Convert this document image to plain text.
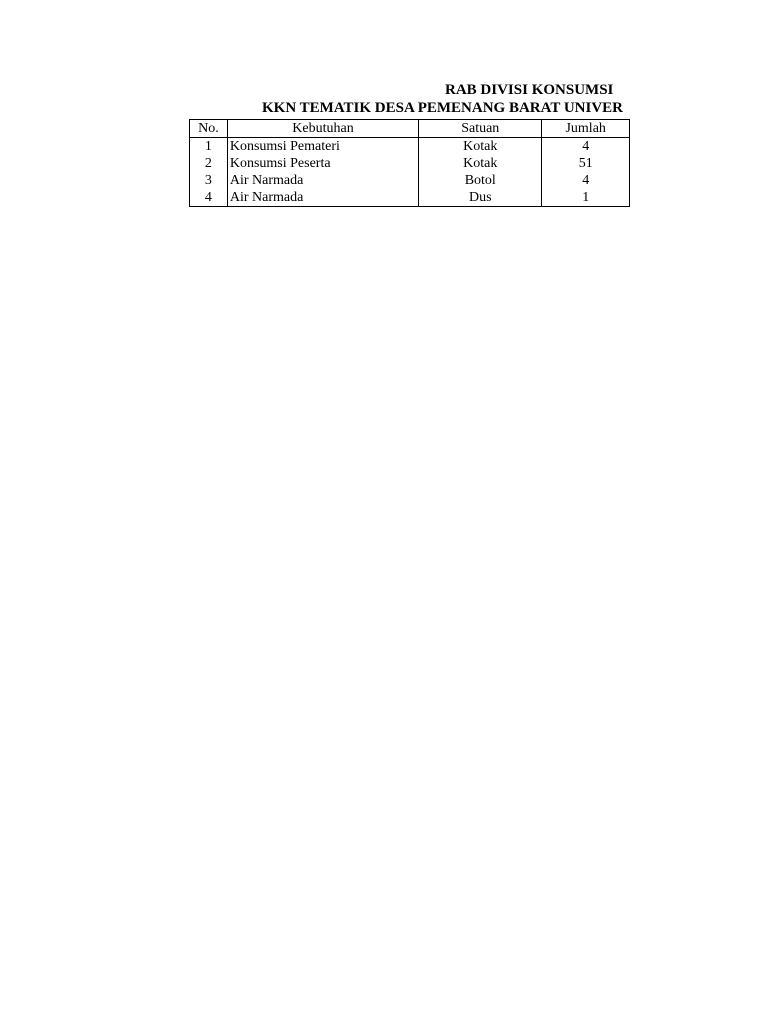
RAB DIVISI KONSUMSI
KKN TEMATIK DESA PEMENANG BARAT UNIVER
No.	Kebutuhan	Satuan	Jumlah
1	Konsumsi Pemateri	Kotak	4
2	Konsumsi Peserta	Kotak	51
3	Air Narmada	Botol	4
4	Air Narmada	Dus	1
